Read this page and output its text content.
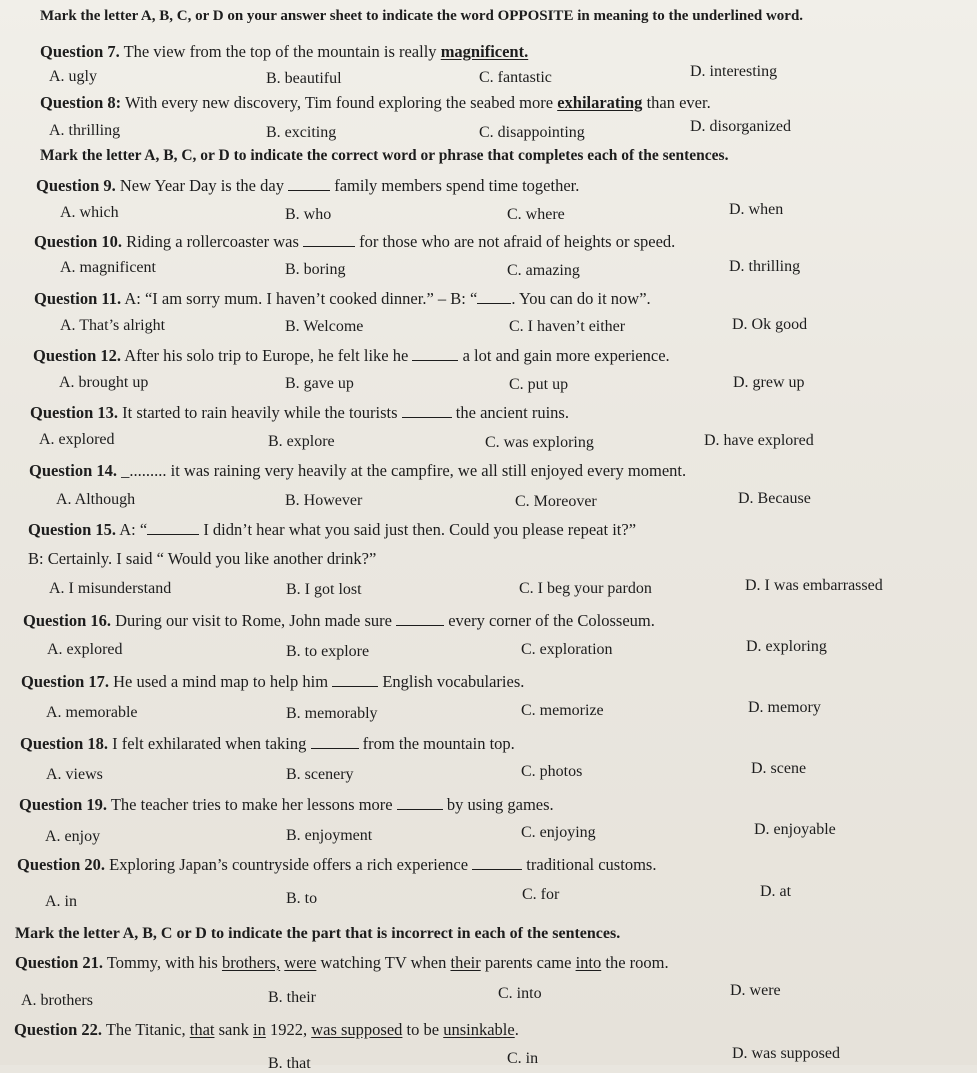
Mark the letter A, B, C, or D on your answer sheet to indicate the word OPPOSITE in meaning to the underlined word.
Question 7. The view from the top of the mountain is really magnificent.
A. ugly	B. beautiful	C. fantastic	D. interesting
Question 8: With every new discovery, Tim found exploring the seabed more exhilarating than ever.
A. thrilling	B. exciting	C. disappointing	D. disorganized
Mark the letter A, B, C, or D to indicate the correct word or phrase that completes each of the sentences.
Question 9. New Year Day is the day	family members spend time together.
A. which	B. who	C. where	D. when
Question 10. Riding a rollercoaster was	for those who are not afraid of heights or speed.
A. magnificent	B. boring	C. amazing	D. thrilling
Question 11. A: “I am sorry mum. I haven’t cooked dinner.” – B: “ . You can do it now”.
A. That’s alright	B. Welcome	C. I haven’t either	D. Ok good
Question 12. After his solo trip to Europe, he felt like he	a lot and gain more experience.
A. brought up	B. gave up	C. put up	D. grew up
Question 13. It started to rain heavily while the tourists	the ancient ruins.
A. explored	B. explore	C. was exploring	D. have explored
Question 14. _......... it was raining very heavily at the campfire, we all still enjoyed every moment.
A. Although	B. However	C. Moreover	D. Because
Question 15. A: “	I didn’t hear what you said just then. Could you please repeat it?”
B: Certainly. I said “ Would you like another drink?”
A. I misunderstand	B. I got lost	C. I beg your pardon	D. I was embarrassed
Question 16. During our visit to Rome, John made sure	every corner of the Colosseum.
A. explored	B. to explore	C. exploration	D. exploring
Question 17. He used a mind map to help him	English vocabularies.
A. memorable	B. memorably	C. memorize	D. memory
Question 18. I felt exhilarated when taking	from the mountain top.
A. views	B. scenery	C. photos	D. scene
Question 19. The teacher tries to make her lessons more	by using games.
A. enjoy	B. enjoyment	C. enjoying	D. enjoyable
Question 20. Exploring Japan’s countryside offers a rich experience	traditional customs.
A. in	B. to	C. for	D. at
Mark the letter A, B, C or D to indicate the part that is incorrect in each of the sentences.
Question 21. Tommy, with his brothers, were watching TV when their parents came into the room.
A. brothers	B. their	C. into	D. were
Question 22. The Titanic, that sank in 1922, was supposed to be unsinkable.
B. that	C. in	D. was supposed
